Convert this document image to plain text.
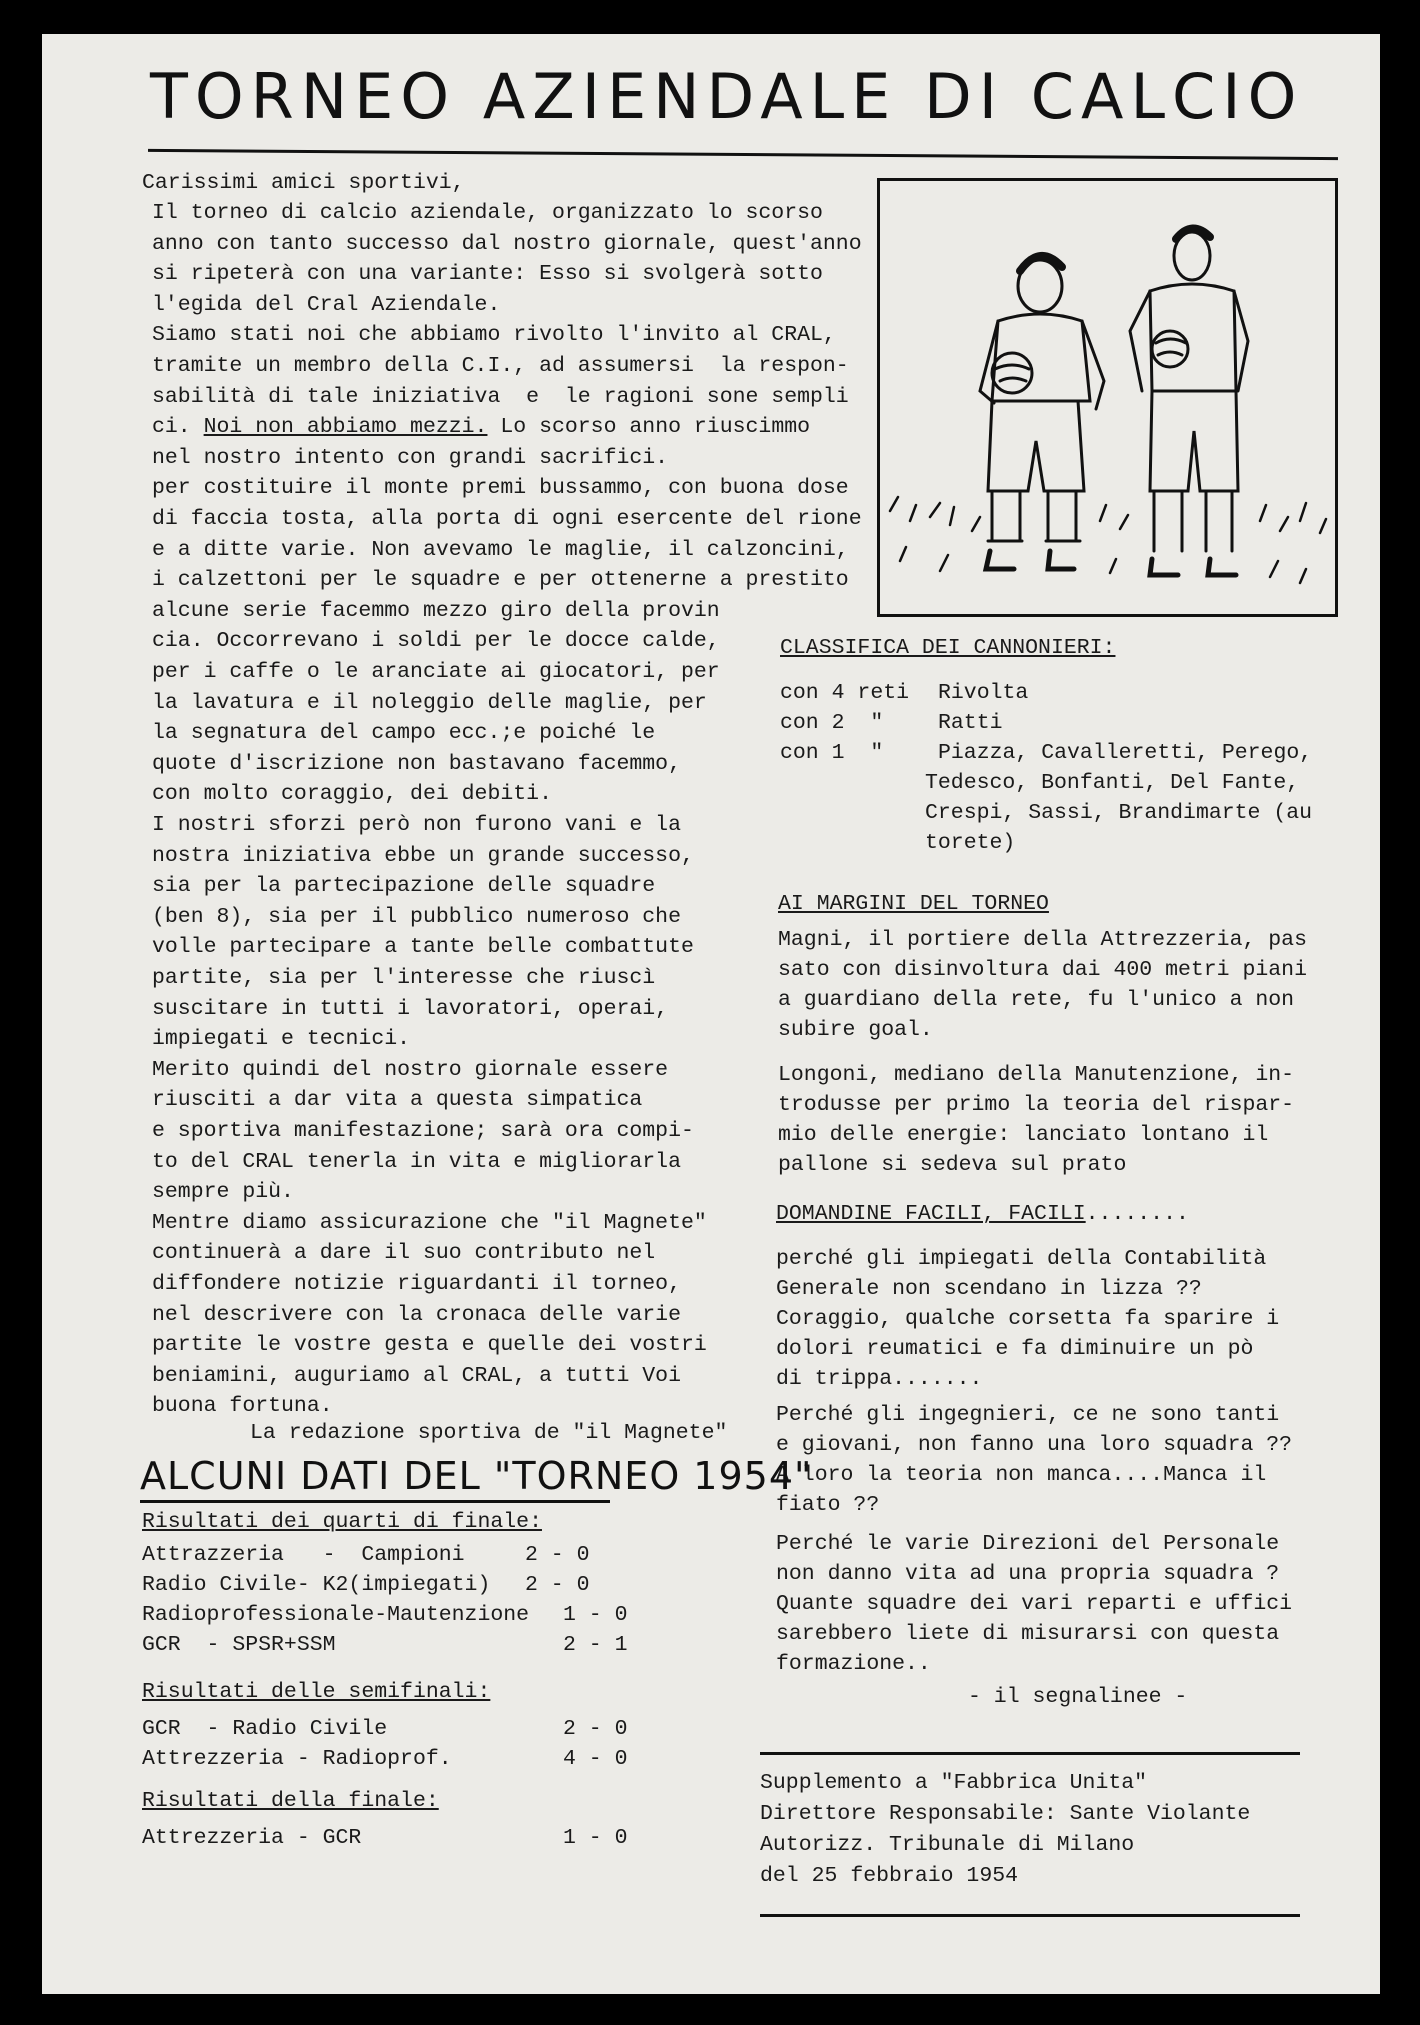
TORNEO AZIENDALE DI CALCIO
Carissimi amici sportivi,
Il torneo di calcio aziendale, organizzato lo scorso
anno con tanto successo dal nostro giornale, quest'anno
si ripeterà con una variante: Esso si svolgerà sotto
l'egida del Cral Aziendale.
Siamo stati noi che abbiamo rivolto l'invito al CRAL,
tramite un membro della C.I., ad assumersi  la respon-
sabilità di tale iniziativa  e  le ragioni sone sempli
ci. Noi non abbiamo mezzi. Lo scorso anno riuscimmo
nel nostro intento con grandi sacrifici.
per costituire il monte premi bussammo, con buona dose
di faccia tosta, alla porta di ogni esercente del rione
e a ditte varie. Non avevamo le maglie, il calzoncini,
i calzettoni per le squadre e per ottenerne a prestito
alcune serie facemmo mezzo giro della provin
cia. Occorrevano i soldi per le docce calde,
per i caffe o le aranciate ai giocatori, per
la lavatura e il noleggio delle maglie, per
la segnatura del campo ecc.;e poiché le
quote d'iscrizione non bastavano facemmo,
con molto coraggio, dei debiti.
I nostri sforzi però non furono vani e la
nostra iniziativa ebbe un grande successo,
sia per la partecipazione delle squadre
(ben 8), sia per il pubblico numeroso che
volle partecipare a tante belle combattute
partite, sia per l'interesse che riuscì
suscitare in tutti i lavoratori, operai,
impiegati e tecnici.
Merito quindi del nostro giornale essere
riusciti a dar vita a questa simpatica
e sportiva manifestazione; sarà ora compi-
to del CRAL tenerla in vita e migliorarla
sempre più.
Mentre diamo assicurazione che "il Magnete"
continuerà a dare il suo contributo nel
diffondere notizie riguardanti il torneo,
nel descrivere con la cronaca delle varie
partite le vostre gesta e quelle dei vostri
beniamini, auguriamo al CRAL, a tutti Voi
buona fortuna.
La redazione sportiva de "il Magnete"
CLASSIFICA DEI CANNONIERI:
con 4 reti Rivolta
con 2  "	Ratti
con 1  "	Piazza, Cavalleretti, Perego,
Tedesco, Bonfanti, Del Fante,
Crespi, Sassi, Brandimarte (au
torete)
AI MARGINI DEL TORNEO
Magni, il portiere della Attrezzeria, pas
sato con disinvoltura dai 400 metri piani
a guardiano della rete, fu l'unico a non
subire goal.
Longoni, mediano della Manutenzione, in-
trodusse per primo la teoria del rispar-
mio delle energie: lanciato lontano il
pallone si sedeva sul prato
DOMANDINE FACILI, FACILI........
perché gli impiegati della Contabilità
Generale non scendano in lizza ??
Coraggio, qualche corsetta fa sparire i
dolori reumatici e fa diminuire un pò
di trippa.......
Perché gli ingegnieri, ce ne sono tanti
e giovani, non fanno una loro squadra ??
A loro la teoria non manca....Manca il
fiato ??
Perché le varie Direzioni del Personale
non danno vita ad una propria squadra ?
Quante squadre dei vari reparti e uffici
sarebbero liete di misurarsi con questa
formazione..
- il segnalinee -
Supplemento a "Fabbrica Unita"
Direttore Responsabile: Sante Violante
Autorizz. Tribunale di Milano
del 25 febbraio 1954
ALCUNI DATI DEL "TORNEO 1954"
Risultati dei quarti di finale:
Attrazzeria   -  Campioni	2 - 0
Radio Civile- K2(impiegati) 2 - 0
Radioprofessionale-Mautenzione 1 - 0
GCR  - SPSR+SSM	2 - 1
Risultati delle semifinali:
GCR  - Radio Civile	2 - 0
Attrezzeria - Radioprof.	4 - 0
Risultati della finale:
Attrezzeria - GCR	1 - 0
